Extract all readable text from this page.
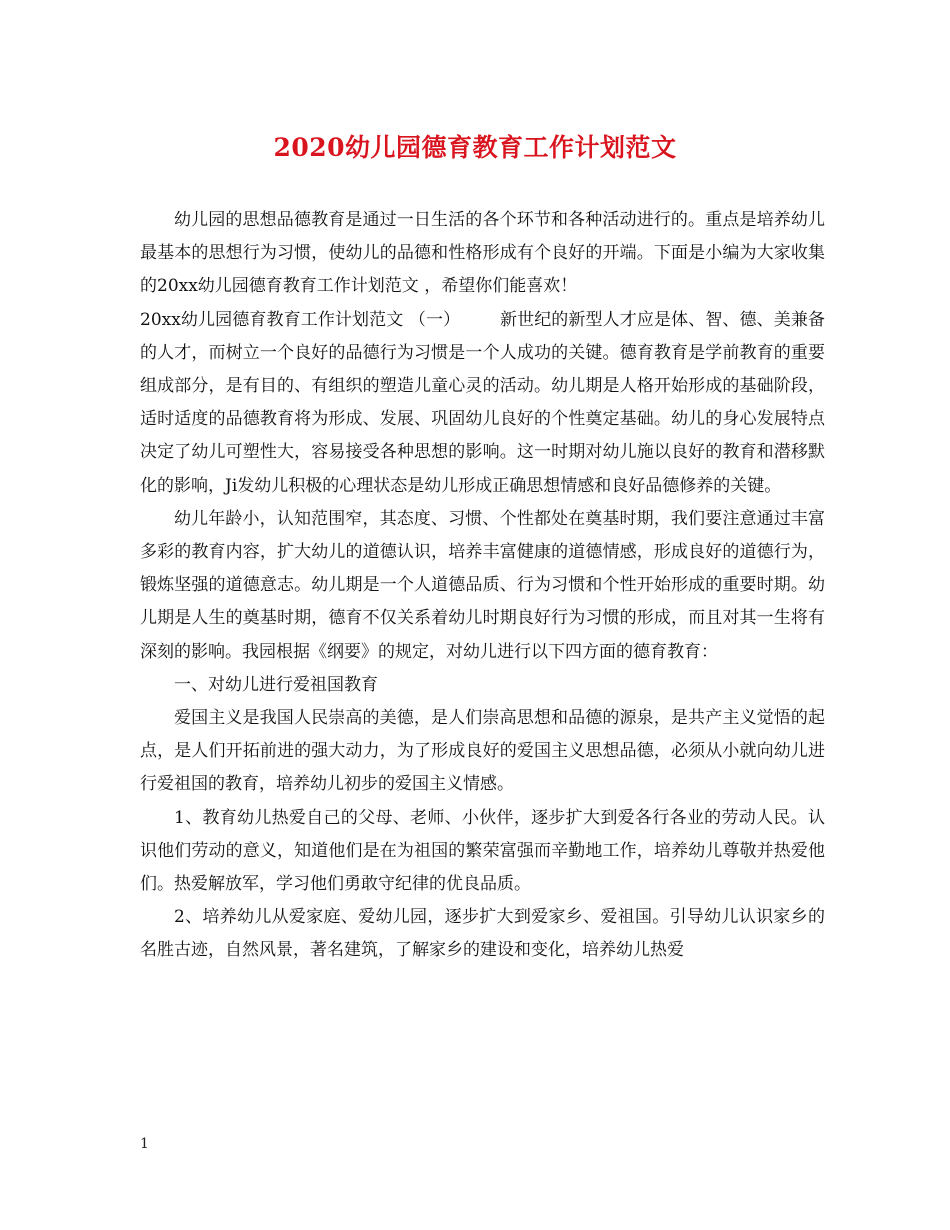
2020幼儿园德育教育工作计划范文

幼儿园的思想品德教育是通过一日生活的各个环节和各种活动进行的。重点是培养幼儿最基本的思想行为习惯，使幼儿的品德和性格形成有个良好的开端。下面是小编为大家收集的20xx幼儿园德育教育工作计划范文 ，希望你们能喜欢！

20xx幼儿园德育教育工作计划范文 （一） 　　新世纪的新型人才应是体、智、德、美兼备的人才，而树立一个良好的品德行为习惯是一个人成功的关键。德育教育是学前教育的重要组成部分，是有目的、有组织的塑造儿童心灵的活动。幼儿期是人格开始形成的基础阶段，适时适度的品德教育将为形成、发展、巩固幼儿良好的个性奠定基础。幼儿的身心发展特点决定了幼儿可塑性大，容易接受各种思想的影响。这一时期对幼儿施以良好的教育和潜移默化的影响，Ji发幼儿积极的心理状态是幼儿形成正确思想情感和良好品德修养的关键。

幼儿年龄小，认知范围窄，其态度、习惯、个性都处在奠基时期，我们要注意通过丰富多彩的教育内容，扩大幼儿的道德认识，培养丰富健康的道德情感，形成良好的道德行为，锻炼坚强的道德意志。幼儿期是一个人道德品质、行为习惯和个性开始形成的重要时期。幼儿期是人生的奠基时期，德育不仅关系着幼儿时期良好行为习惯的形成，而且对其一生将有深刻的影响。我园根据《纲要》的规定，对幼儿进行以下四方面的德育教育：

一、对幼儿进行爱祖国教育

爱国主义是我国人民崇高的美德，是人们崇高思想和品德的源泉，是共产主义觉悟的起点，是人们开拓前进的强大动力，为了形成良好的爱国主义思想品德，必须从小就向幼儿进行爱祖国的教育，培养幼儿初步的爱国主义情感。

1、教育幼儿热爱自己的父母、老师、小伙伴，逐步扩大到爱各行各业的劳动人民。认识他们劳动的意义，知道他们是在为祖国的繁荣富强而辛勤地工作，培养幼儿尊敬并热爱他们。热爱解放军，学习他们勇敢守纪律的优良品质。

2、培养幼儿从爱家庭、爱幼儿园，逐步扩大到爱家乡、爱祖国。引导幼儿认识家乡的名胜古迹，自然风景，著名建筑，了解家乡的建设和变化，培养幼儿热爱

1
